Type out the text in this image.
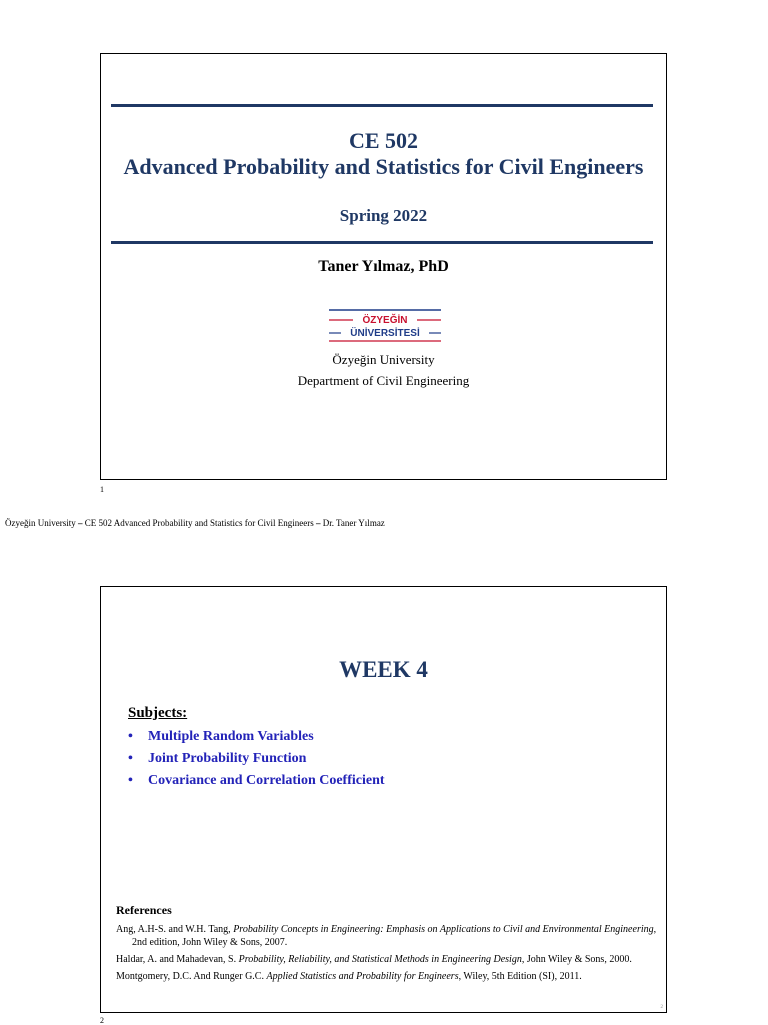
CE 502
Advanced Probability and Statistics for Civil Engineers
Spring 2022
Taner Yılmaz, PhD
ÖZYEĞİN
ÜNİVERSİTESİ
Özyeğin University
Department of Civil Engineering
1
Özyeğin University – CE 502 Advanced Probability and Statistics for Civil Engineers – Dr. Taner Yılmaz
WEEK 4
Subjects:
• Multiple Random Variables
• Joint Probability Function
• Covariance and Correlation Coefficient
References
Ang, A.H-S. and W.H. Tang, Probability Concepts in Engineering: Emphasis on Applications to Civil and Environmental Engineering, 2nd edition, John Wiley & Sons, 2007.
Haldar, A. and Mahadevan, S. Probability, Reliability, and Statistical Methods in Engineering Design, John Wiley & Sons, 2000.
Montgomery, D.C. And Runger G.C. Applied Statistics and Probability for Engineers, Wiley, 5th Edition (SI), 2011.
2
2
